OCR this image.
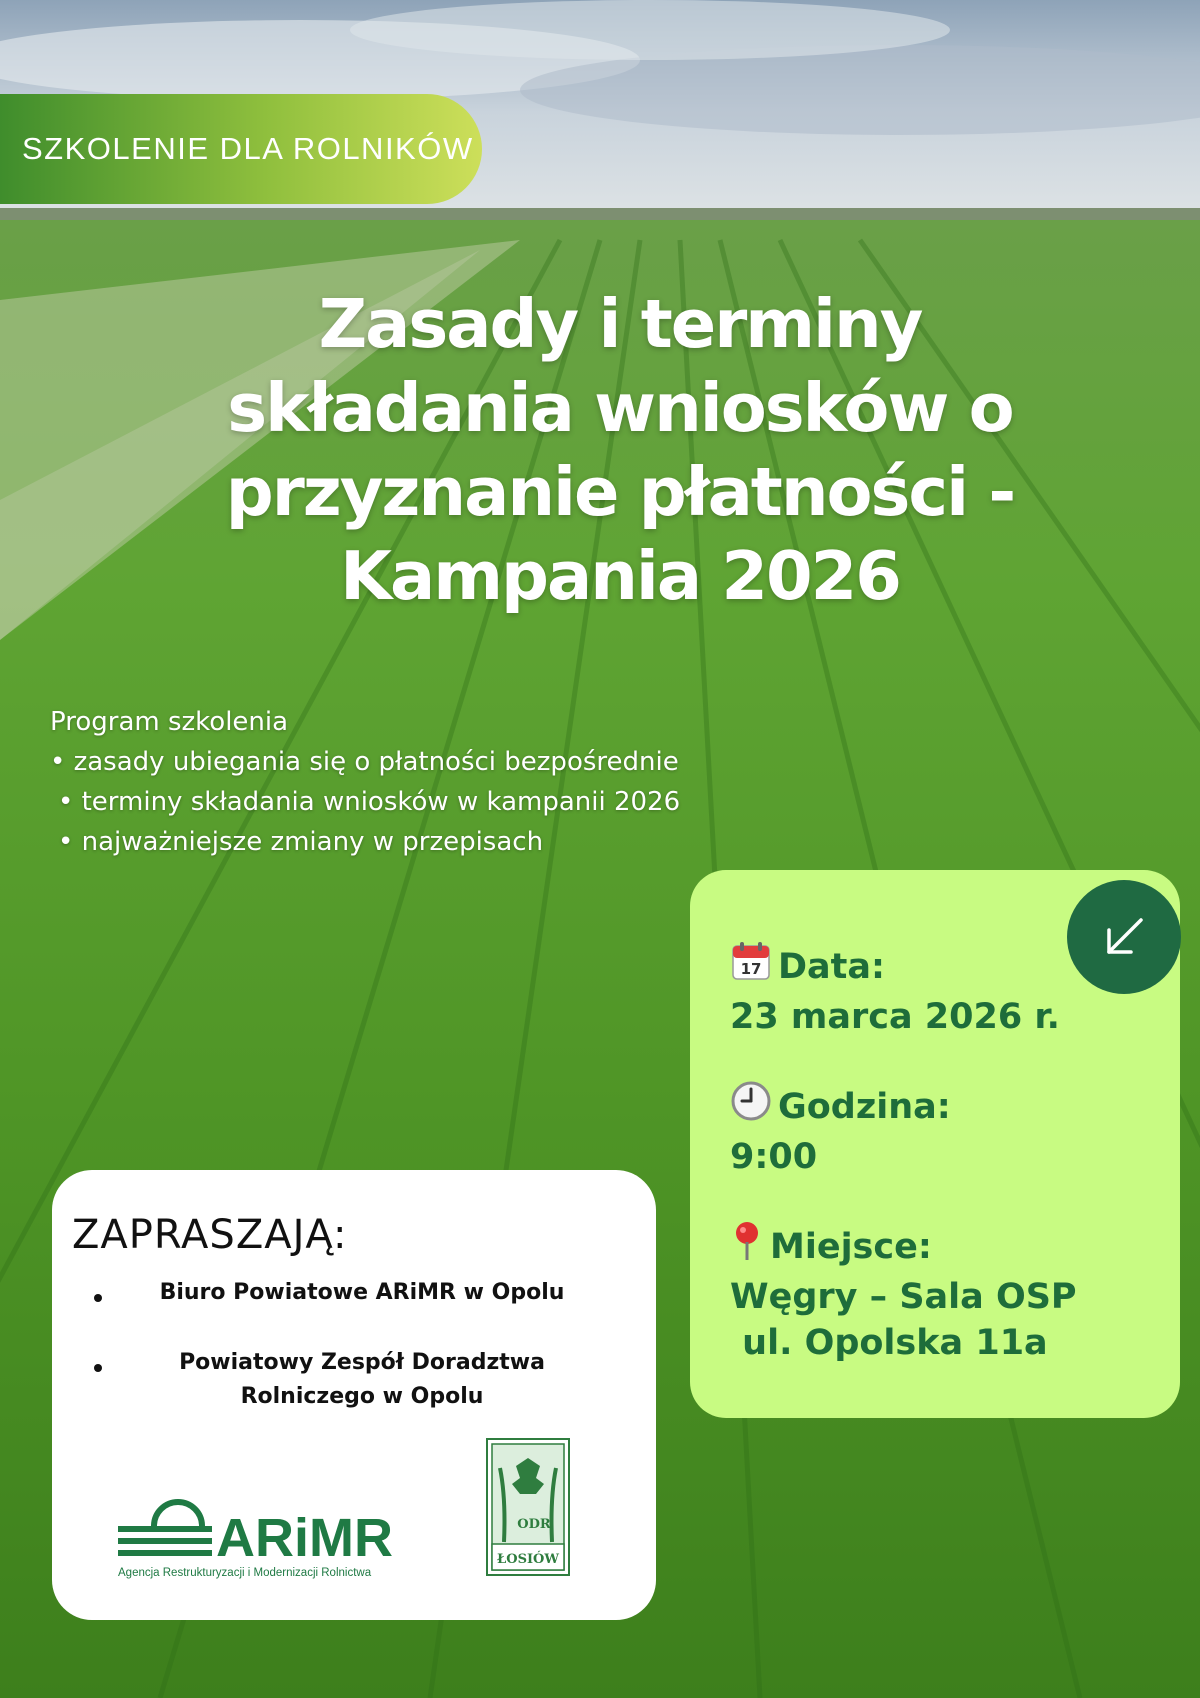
SZKOLENIE DLA ROLNIKÓW
Zasady i terminy
składania wniosków o
przyznanie płatności -
Kampania 2026
Program szkolenia
• zasady ubiegania się o płatności bezpośrednie
• terminy składania wniosków w kampanii 2026
• najważniejsze zmiany w przepisach
17 Data:
23 marca 2026 r.
Godzina:
9:00
Miejsce:
Węgry – Sala OSP
ul. Opolska 11a
ZAPRASZAJĄ:
Biuro Powiatowe ARiMR w Opolu
Powiatowy Zespół Doradztwa
Rolniczego w Opolu
ARiMR
Agencja Restrukturyzacji i Modernizacji Rolnictwa
ODR
ŁOSIÓW
